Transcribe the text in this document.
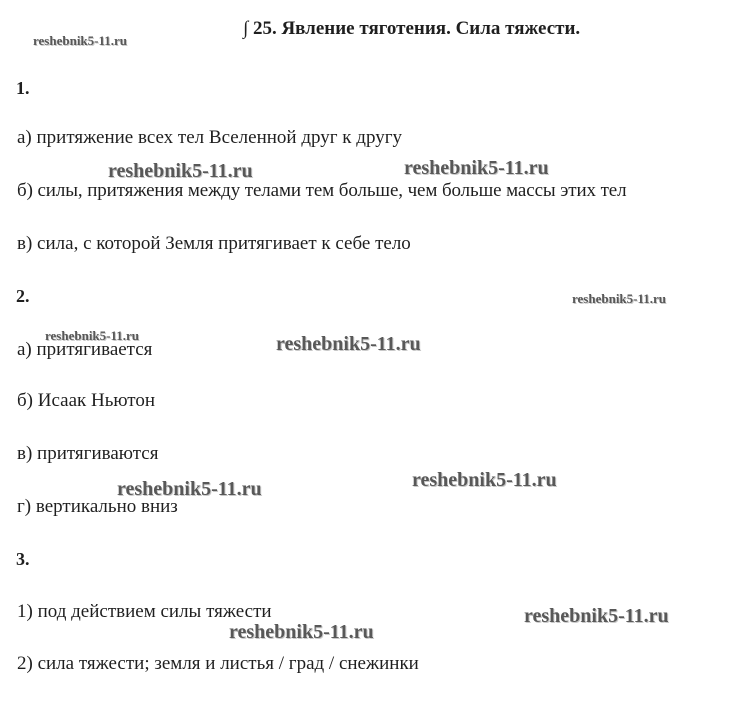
∫ 25. Явление тяготения. Сила тяжести.
1.
а) притяжение всех тел Вселенной друг к другу
б) силы, притяжения между телами тем больше, чем больше массы этих тел
в) сила, с которой Земля притягивает к себе тело
2.
а) притягивается
б) Исаак Ньютон
в) притягиваются
г) вертикально вниз
3.
1) под действием силы тяжести
2) сила тяжести; земля и листья / град / снежинки
reshebnik5-11.ru
reshebnik5-11.ru	reshebnik5-11.ru
reshebnik5-11.ru
reshebnik5-11.ru	reshebnik5-11.ru
reshebnik5-11.ru
reshebnik5-11.ru
reshebnik5-11.ru
reshebnik5-11.ru
